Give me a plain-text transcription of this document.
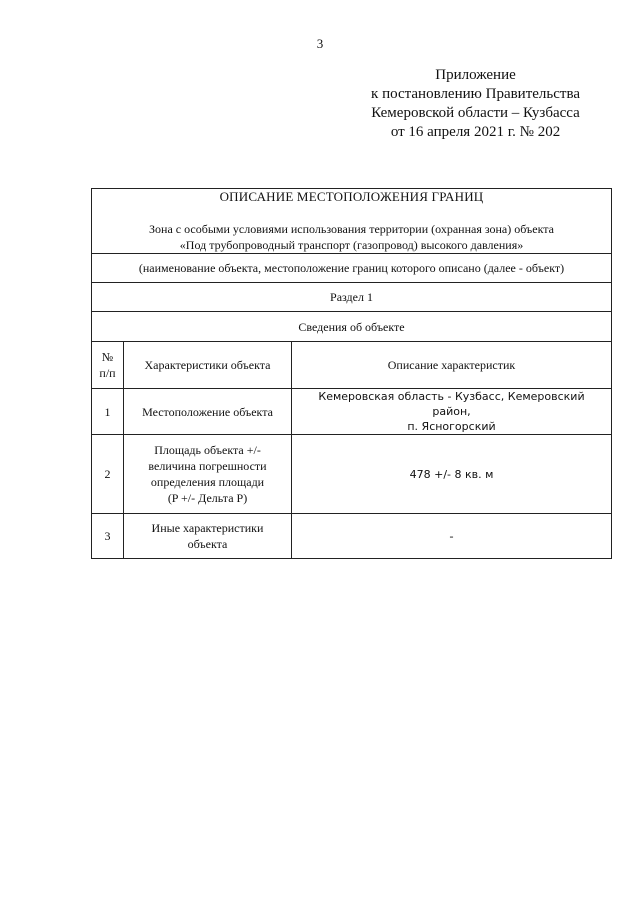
3
Приложение
к постановлению Правительства
Кемеровской области – Кузбасса
от 16 апреля 2021 г. № 202
ОПИСАНИЕ МЕСТОПОЛОЖЕНИЯ ГРАНИЦ
Зона с особыми условиями использования территории (охранная зона) объекта
«Под трубопроводный транспорт (газопровод) высокого давления»		

(наименование объекта, местоположение границ которого описано (далее - объект)		
Раздел 1		
Сведения об объекте		

№
п/п	Характеристики объекта	Описание характеристик
1	Местоположение объекта	Кемеровская область - Кузбасс, Кемеровский район,
п. Ясногорский

2	Площадь объекта +/-
величина погрешности
определения площади
(P +/- Дельта P)	478 +/- 8 кв. м
3	Иные характеристики
объекта	-
